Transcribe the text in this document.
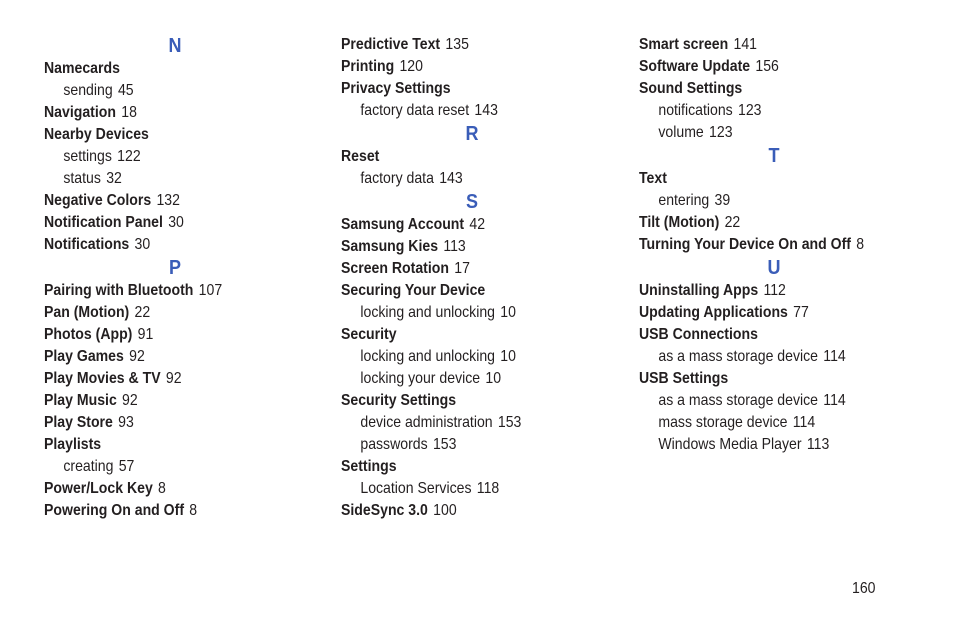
N
Namecards
sending 45
Navigation 18
Nearby Devices
settings 122
status 32
Negative Colors 132
Notification Panel 30
Notifications 30
P
Pairing with Bluetooth 107
Pan (Motion) 22
Photos (App) 91
Play Games 92
Play Movies & TV 92
Play Music 92
Play Store 93
Playlists
creating 57
Power/Lock Key 8
Powering On and Off 8
Predictive Text 135
Printing 120
Privacy Settings
factory data reset 143
R
Reset
factory data 143
S
Samsung Account 42
Samsung Kies 113
Screen Rotation 17
Securing Your Device
locking and unlocking 10
Security
locking and unlocking 10
locking your device 10
Security Settings
device administration 153
passwords 153
Settings
Location Services 118
SideSync 3.0 100
Smart screen 141
Software Update 156
Sound Settings
notifications 123
volume 123
T
Text
entering 39
Tilt (Motion) 22
Turning Your Device On and Off 8
U
Uninstalling Apps 112
Updating Applications 77
USB Connections
as a mass storage device 114
USB Settings
as a mass storage device 114
mass storage device 114
Windows Media Player 113
160
